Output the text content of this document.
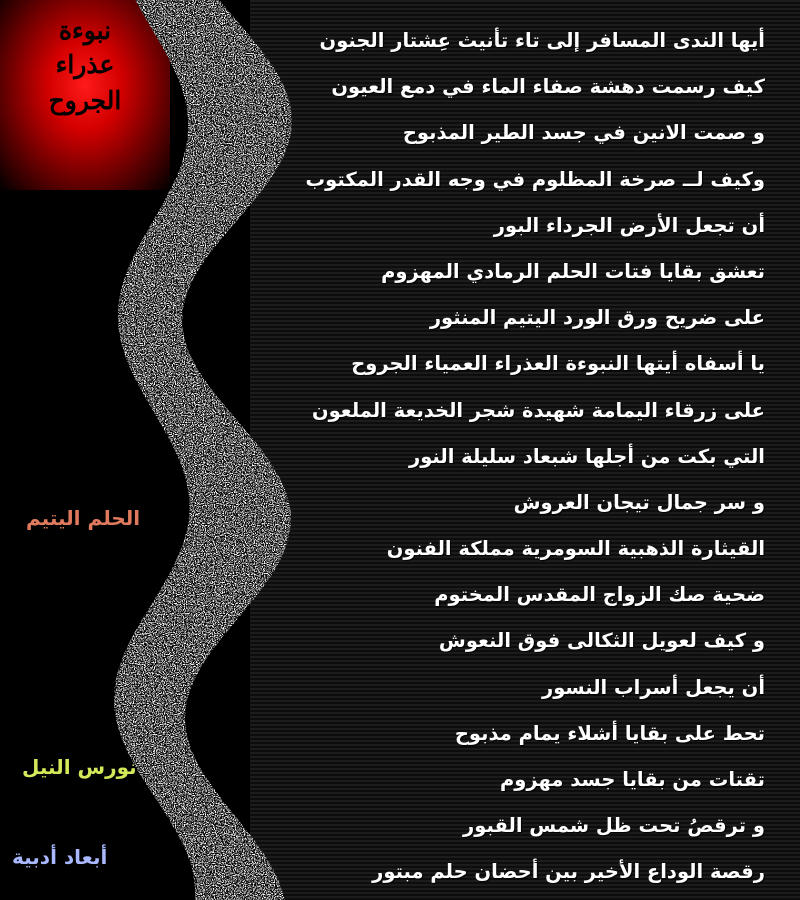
نبوءة
عذراء
الجروح
الحلم اليتيم
نورس النيل
أبعاد أدبية
أيها الندى المسافر إلى تاء تأنيث عِشتار الجنون
كيف رسمت دهشة صفاء الماء في دمع العيون
و صمت الانين في جسد الطير المذبوح
وكيف لــ صرخة المظلوم في وجه القدر المكتوب
أن تجعل الأرض الجرداء البور
تعشق بقايا فتات الحلم الرمادي المهزوم
على ضريح ورق الورد اليتيم المنثور
يا أسفاه أيتها النبوءة العذراء العمياء الجروح
على زرقاء اليمامة شهيدة شجر الخديعة الملعون
التي بكت من أجلها شبعاد سليلة النور
و سر جمال تيجان العروش
القيثارة الذهبية السومرية مملكة الفنون
ضحية صك الزواج المقدس المختوم
و كيف لعويل الثكالى فوق النعوش
أن يجعل أسراب النسور
تحط على بقايا أشلاء يمام مذبوح
تقتات من بقايا جسد مهزوم
و ترقصُ تحت ظل شمس القبور
رقصة الوداع الأخير بين أحضان حلم مبتور
